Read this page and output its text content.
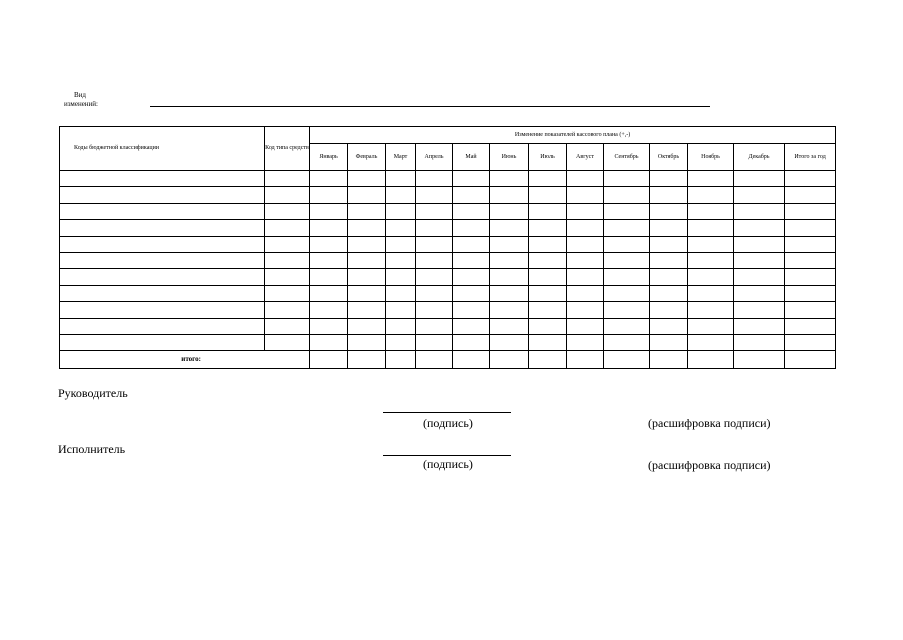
Вид
изменений:
Коды бюджетной классификации	Код типа средств	Изменение показателей кассового плана (+,-)												
		Январь	Февраль	Март	Апрель	Май	Июнь	Июль	Август	Сентябрь	Октябрь	Ноябрь	Декабрь	Итого за год

итого:														
Руководитель
(подпись)	(расшифровка подписи)
Исполнитель
(подпись)	(расшифровка подписи)
